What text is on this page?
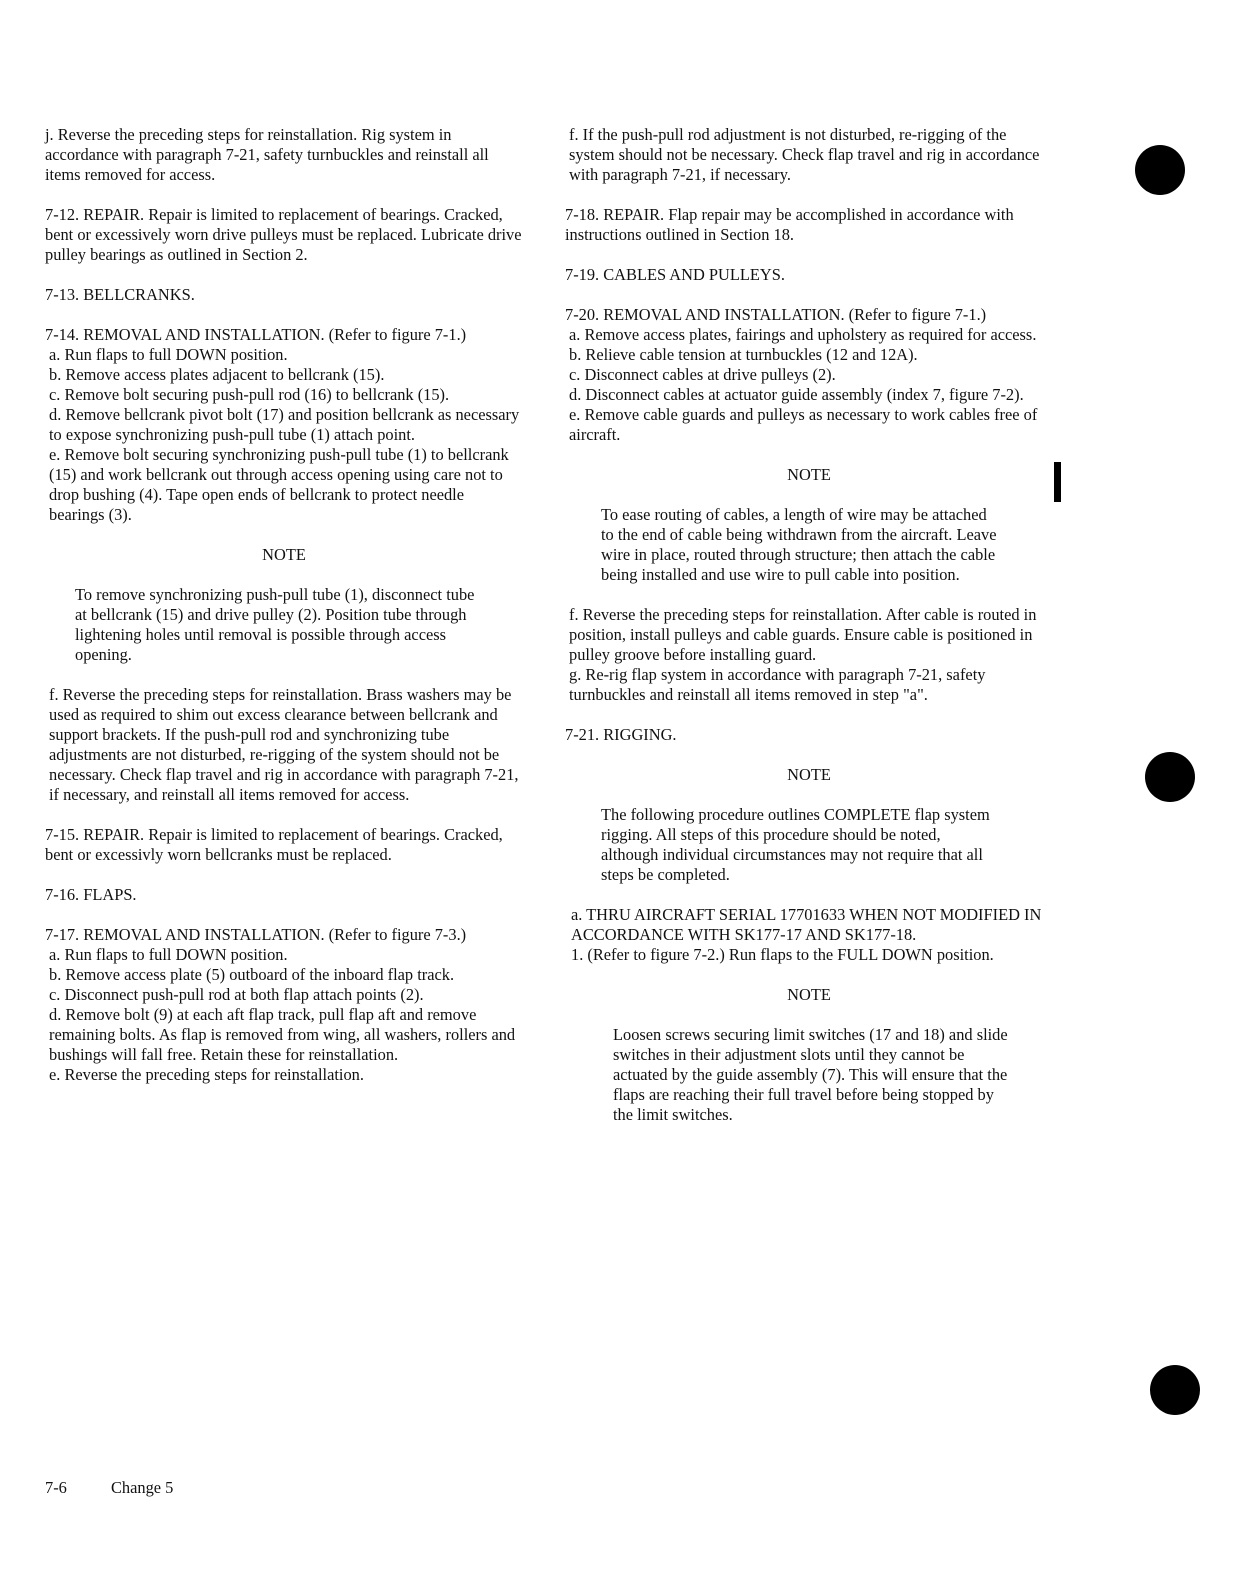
j. Reverse the preceding steps for reinstallation. Rig system in accordance with paragraph 7-21, safety turnbuckles and reinstall all items removed for access.

7-12. REPAIR. Repair is limited to replacement of bearings. Cracked, bent or excessively worn drive pulleys must be replaced. Lubricate drive pulley bearings as outlined in Section 2.

7-13. BELLCRANKS.

7-14. REMOVAL AND INSTALLATION. (Refer to figure 7-1.)

a. Run flaps to full DOWN position.

b. Remove access plates adjacent to bellcrank (15).

c. Remove bolt securing push-pull rod (16) to bellcrank (15).

d. Remove bellcrank pivot bolt (17) and position bellcrank as necessary to expose synchronizing push-pull tube (1) attach point.

e. Remove bolt securing synchronizing push-pull tube (1) to bellcrank (15) and work bellcrank out through access opening using care not to drop bushing (4). Tape open ends of bellcrank to protect needle bearings (3).

NOTE

To remove synchronizing push-pull tube (1), disconnect tube at bellcrank (15) and drive pulley (2). Position tube through lightening holes until removal is possible through access opening.

f. Reverse the preceding steps for reinstallation. Brass washers may be used as required to shim out excess clearance between bellcrank and support brackets. If the push-pull rod and synchronizing tube adjustments are not disturbed, re-rigging of the system should not be necessary. Check flap travel and rig in accordance with paragraph 7-21, if necessary, and reinstall all items removed for access.

7-15. REPAIR. Repair is limited to replacement of bearings. Cracked, bent or excessivly worn bellcranks must be replaced.

7-16. FLAPS.

7-17. REMOVAL AND INSTALLATION. (Refer to figure 7-3.)

a. Run flaps to full DOWN position.

b. Remove access plate (5) outboard of the inboard flap track.

c. Disconnect push-pull rod at both flap attach points (2).

d. Remove bolt (9) at each aft flap track, pull flap aft and remove remaining bolts. As flap is removed from wing, all washers, rollers and bushings will fall free. Retain these for reinstallation.

e. Reverse the preceding steps for reinstallation.

f. If the push-pull rod adjustment is not disturbed, re-rigging of the system should not be necessary. Check flap travel and rig in accordance with paragraph 7-21, if necessary.

7-18. REPAIR. Flap repair may be accomplished in accordance with instructions outlined in Section 18.

7-19. CABLES AND PULLEYS.

7-20. REMOVAL AND INSTALLATION. (Refer to figure 7-1.)

a. Remove access plates, fairings and upholstery as required for access.

b. Relieve cable tension at turnbuckles (12 and 12A).

c. Disconnect cables at drive pulleys (2).

d. Disconnect cables at actuator guide assembly (index 7, figure 7-2).

e. Remove cable guards and pulleys as necessary to work cables free of aircraft.

NOTE

To ease routing of cables, a length of wire may be attached to the end of cable being withdrawn from the aircraft. Leave wire in place, routed through structure; then attach the cable being installed and use wire to pull cable into position.

f. Reverse the preceding steps for reinstallation. After cable is routed in position, install pulleys and cable guards. Ensure cable is positioned in pulley groove before installing guard.

g. Re-rig flap system in accordance with paragraph 7-21, safety turnbuckles and reinstall all items removed in step "a".

7-21. RIGGING.

NOTE

The following procedure outlines COMPLETE flap system rigging. All steps of this procedure should be noted, although individual circumstances may not require that all steps be completed.

a. THRU AIRCRAFT SERIAL 17701633 WHEN NOT MODIFIED IN ACCORDANCE WITH SK177-17 AND SK177-18.

1. (Refer to figure 7-2.) Run flaps to the FULL DOWN position.

NOTE

Loosen screws securing limit switches (17 and 18) and slide switches in their adjustment slots until they cannot be actuated by the guide assembly (7). This will ensure that the flaps are reaching their full travel before being stopped by the limit switches.

7-6	Change 5
